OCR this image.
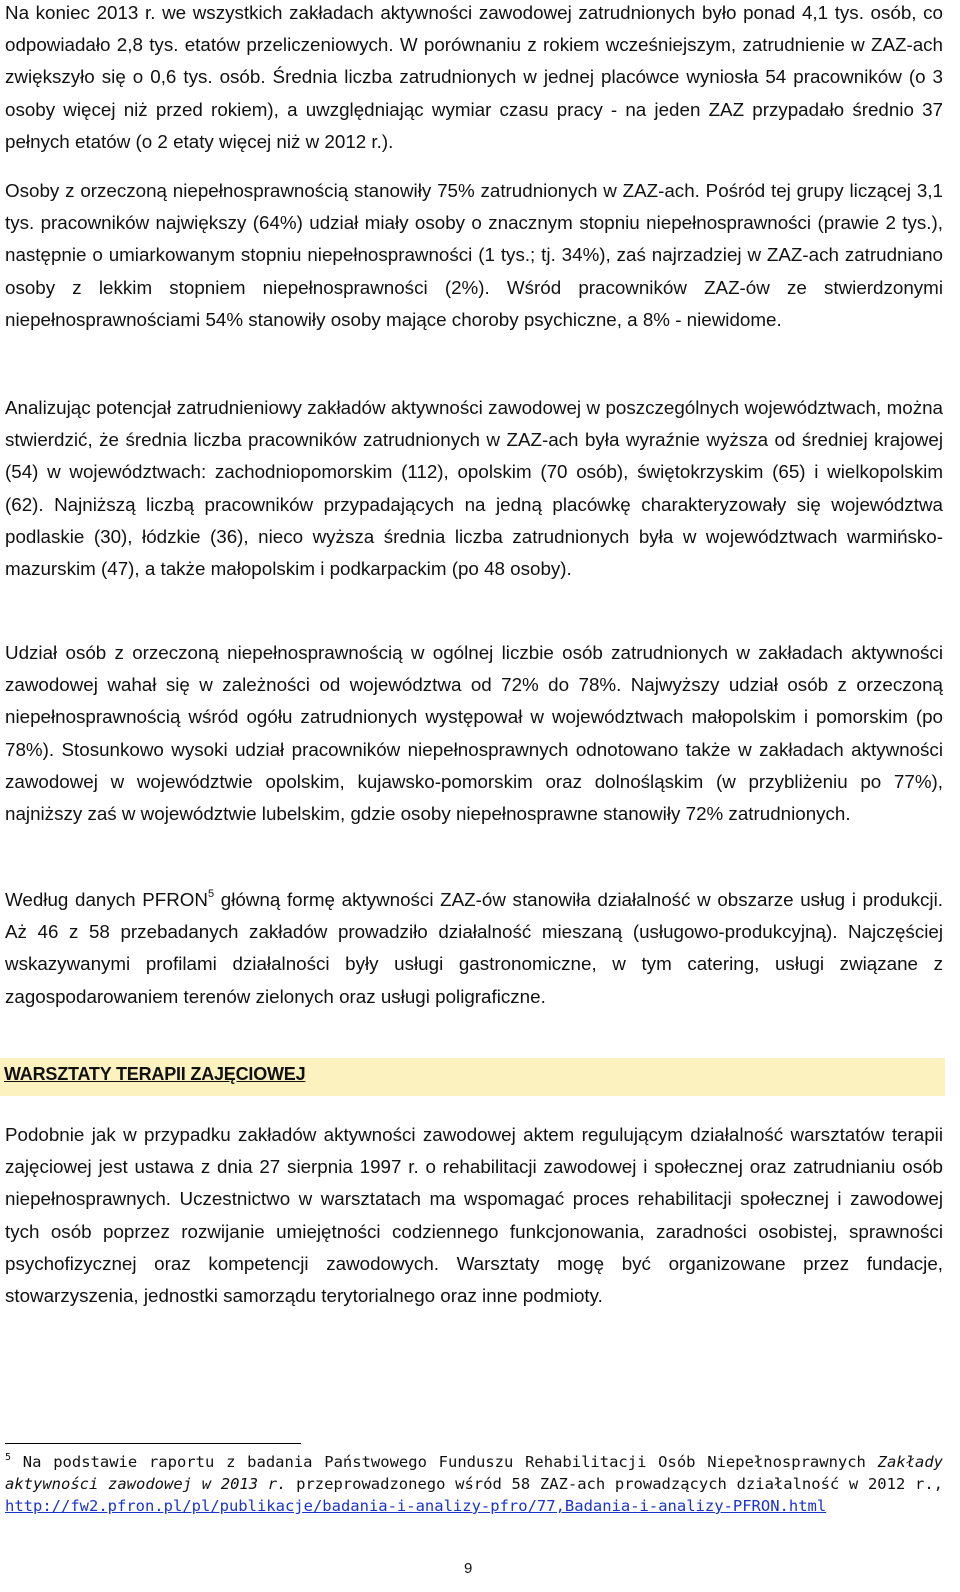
Na koniec 2013 r. we wszystkich zakładach aktywności zawodowej zatrudnionych było ponad 4,1 tys. osób, co odpowiadało 2,8 tys. etatów przeliczeniowych. W porównaniu z rokiem wcześniejszym, zatrudnienie w ZAZ-ach zwiększyło się o 0,6 tys. osób. Średnia liczba zatrudnionych w jednej placówce wyniosła 54 pracowników (o 3 osoby więcej niż przed rokiem), a uwzględniając wymiar czasu pracy - na jeden ZAZ przypadało średnio 37 pełnych etatów (o 2 etaty więcej niż w 2012 r.).

Osoby z orzeczoną niepełnosprawnością stanowiły 75% zatrudnionych w ZAZ-ach. Pośród tej grupy liczącej 3,1 tys. pracowników największy (64%) udział miały osoby o znacznym stopniu niepełnosprawności (prawie 2 tys.), następnie o umiarkowanym stopniu niepełnosprawności (1 tys.; tj. 34%), zaś najrzadziej w ZAZ-ach zatrudniano osoby z lekkim stopniem niepełnosprawności (2%). Wśród pracowników ZAZ-ów ze stwierdzonymi niepełnosprawnościami 54% stanowiły osoby mające choroby psychiczne, a 8% - niewidome.

Analizując potencjał zatrudnieniowy zakładów aktywności zawodowej w poszczególnych województwach, można stwierdzić, że średnia liczba pracowników zatrudnionych w ZAZ-ach była wyraźnie wyższa od średniej krajowej (54) w województwach: zachodniopomorskim (112), opolskim (70 osób), świętokrzyskim (65) i wielkopolskim (62). Najniższą liczbą pracowników przypadających na jedną placówkę charakteryzowały się województwa podlaskie (30), łódzkie (36), nieco wyższa średnia liczba zatrudnionych była w województwach warmińsko-mazurskim (47), a także małopolskim i podkarpackim (po 48 osoby).

Udział osób z orzeczoną niepełnosprawnością w ogólnej liczbie osób zatrudnionych w zakładach aktywności zawodowej wahał się w zależności od województwa od 72% do 78%. Najwyższy udział osób z orzeczoną niepełnosprawnością wśród ogółu zatrudnionych występował w województwach małopolskim i pomorskim (po 78%). Stosunkowo wysoki udział pracowników niepełnosprawnych odnotowano także w zakładach aktywności zawodowej w województwie opolskim, kujawsko-pomorskim oraz dolnośląskim (w przybliżeniu po 77%), najniższy zaś w województwie lubelskim, gdzie osoby niepełnosprawne stanowiły 72% zatrudnionych.

Według danych PFRON$^5$ główną formę aktywności ZAZ-ów stanowiła działalność w obszarze usług i produkcji. Aż 46 z 58 przebadanych zakładów prowadziło działalność mieszaną (usługowo-produkcyjną). Najczęściej wskazywanymi profilami działalności były usługi gastronomiczne, w tym catering, usługi związane z zagospodarowaniem terenów zielonych oraz usługi poligraficzne.

WARSZTATY TERAPII ZAJĘCIOWEJ

Podobnie jak w przypadku zakładów aktywności zawodowej aktem regulującym działalność warsztatów terapii zajęciowej jest ustawa z dnia 27 sierpnia 1997 r. o rehabilitacji zawodowej i społecznej oraz zatrudnianiu osób niepełnosprawnych. Uczestnictwo w warsztatach ma wspomagać proces rehabilitacji społecznej i zawodowej tych osób poprzez rozwijanie umiejętności codziennego funkcjonowania, zaradności osobistej, sprawności psychofizycznej oraz kompetencji zawodowych. Warsztaty mogę być organizowane przez fundacje, stowarzyszenia, jednostki samorządu terytorialnego oraz inne podmioty.

$^5$ Na podstawie raportu z badania Państwowego Funduszu Rehabilitacji Osób Niepełnosprawnych Zakłady aktywności zawodowej w 2013 r. przeprowadzonego wśród 58 ZAZ-ach prowadzących działalność w 2012 r., http://fw2.pfron.pl/pl/publikacje/badania-i-analizy-pfro/77,Badania-i-analizy-PFRON.html

9
